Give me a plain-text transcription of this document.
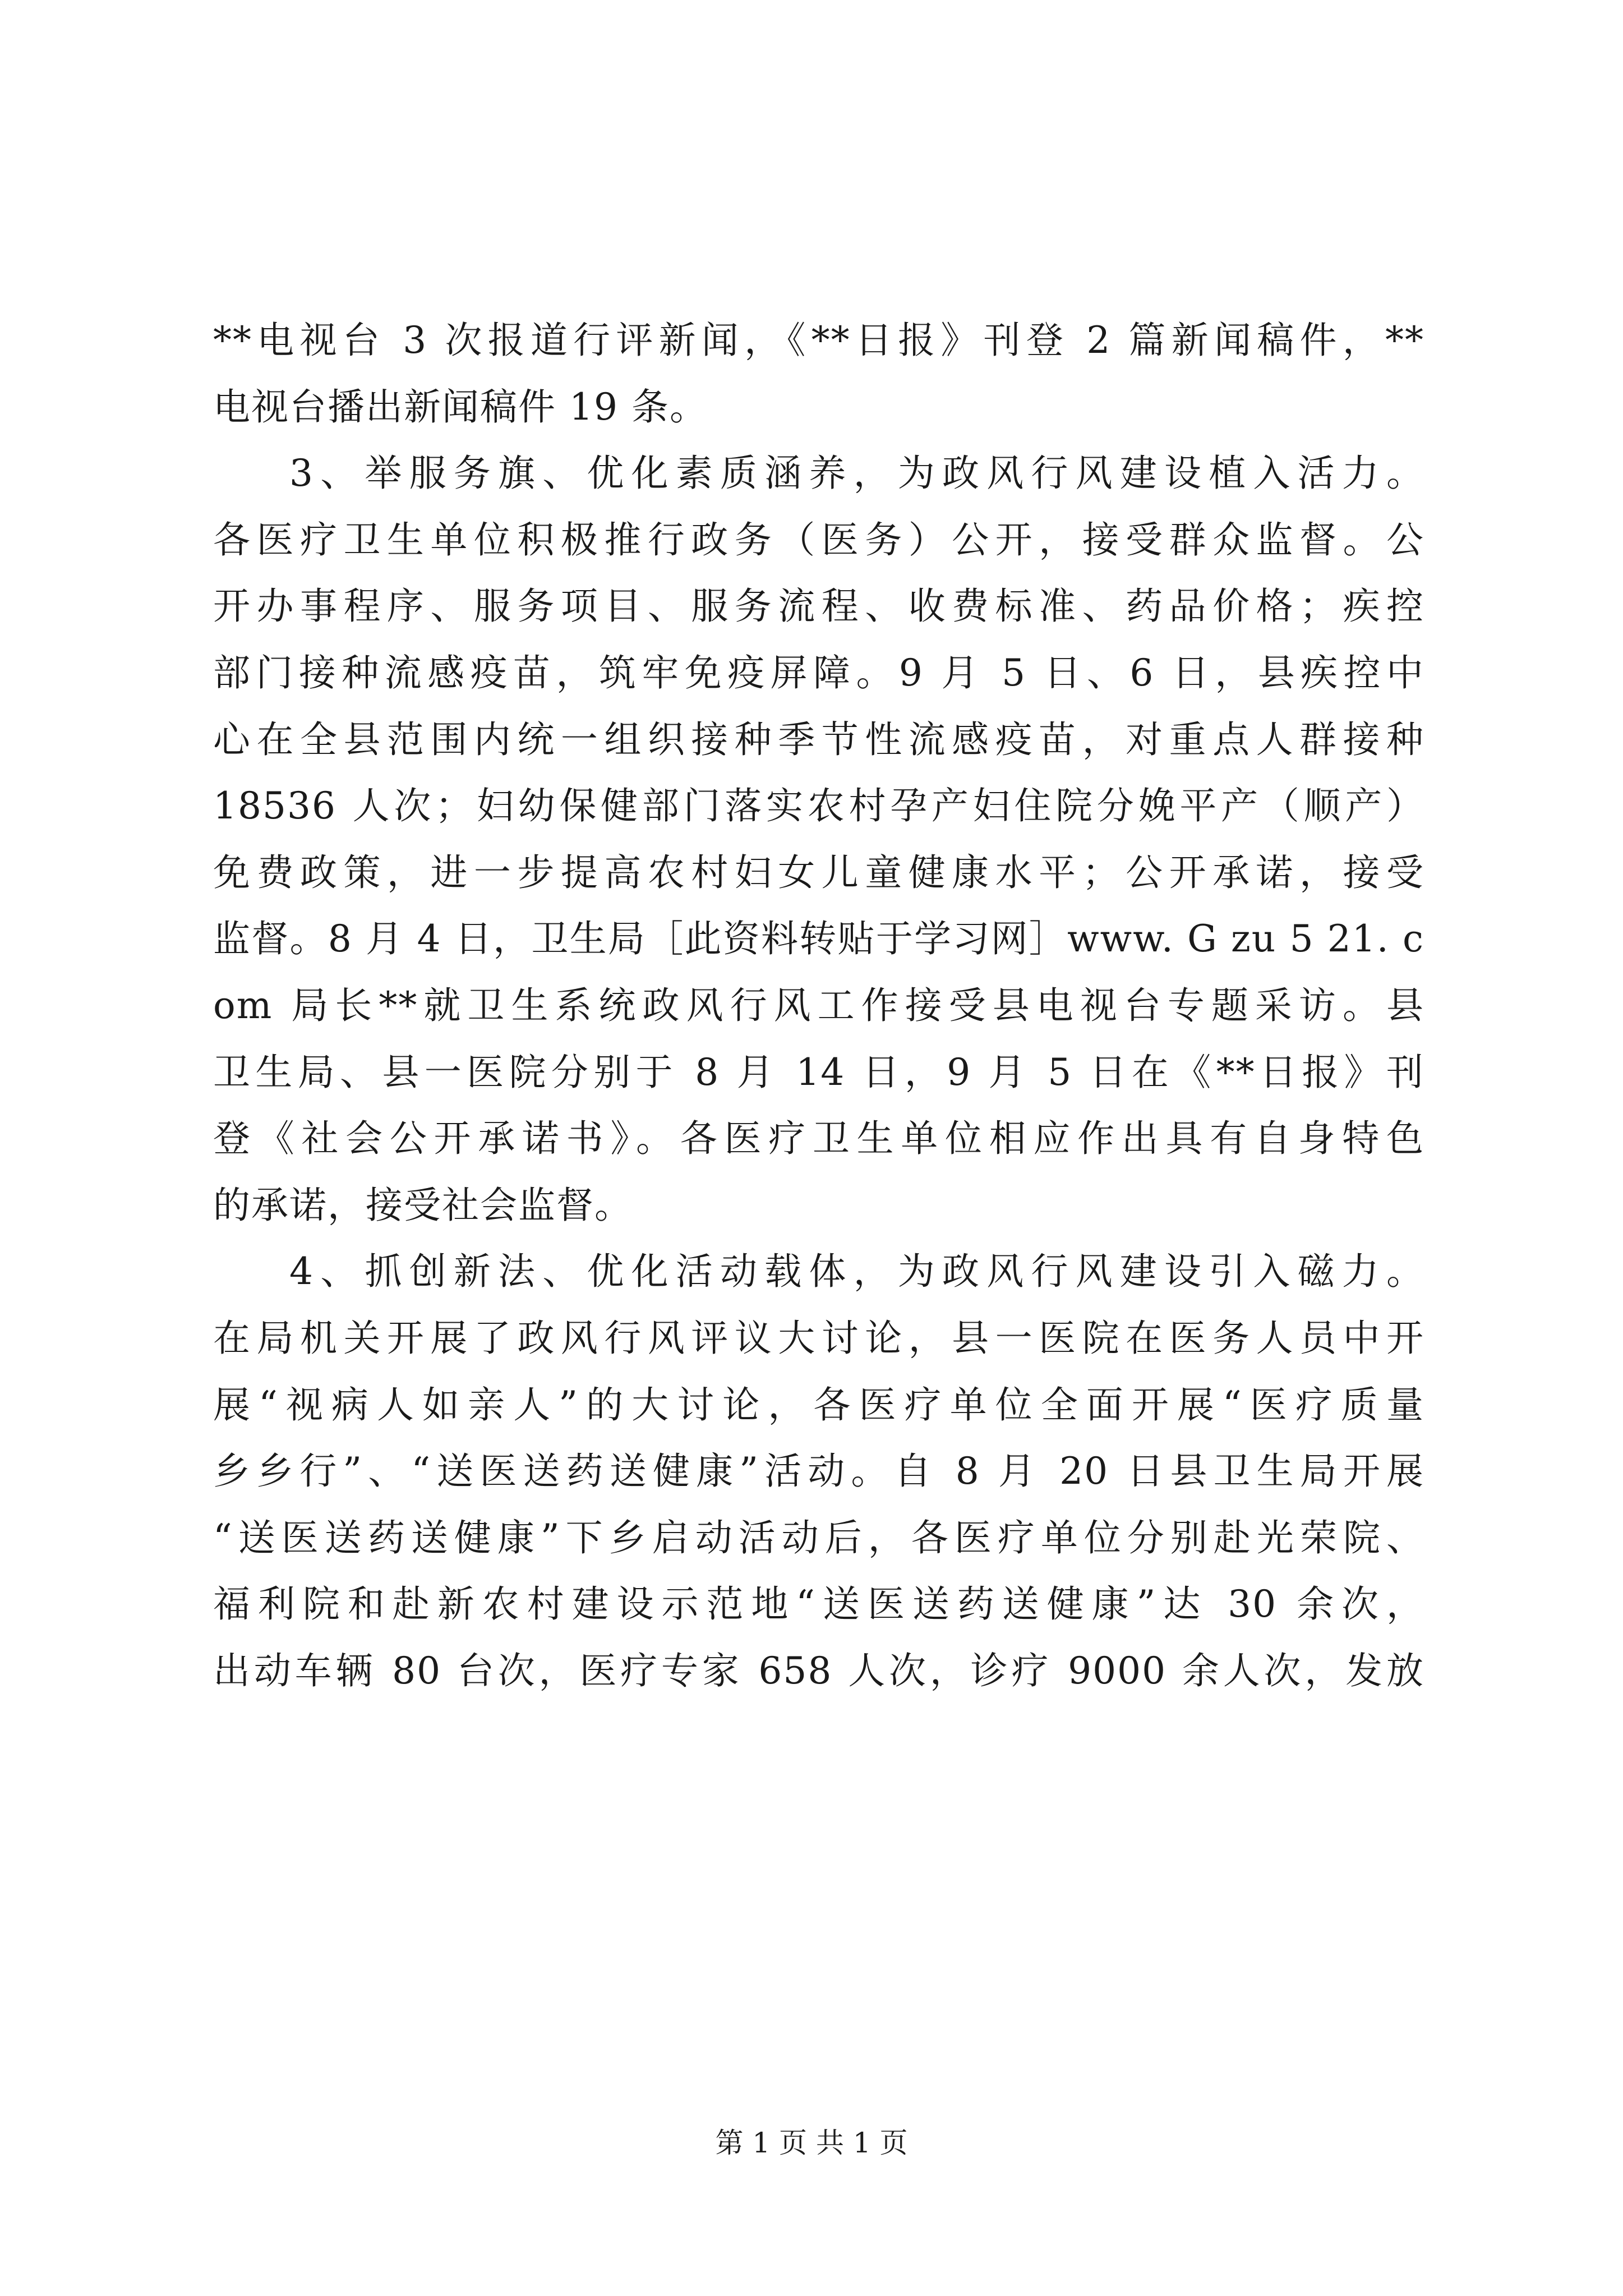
**电视台 3 次报道行评新闻，《**日报》刊登 2 篇新闻稿件，**
电视台播出新闻稿件 19 条。
3、举服务旗、优化素质涵养，为政风行风建设植入活力。
各医疗卫生单位积极推行政务（医务）公开，接受群众监督。公
开办事程序、服务项目、服务流程、收费标准、药品价格；疾控
部门接种流感疫苗，筑牢免疫屏障。9 月 5 日、6 日，县疾控中
心在全县范围内统一组织接种季节性流感疫苗，对重点人群接种
18536 人次；妇幼保健部门落实农村孕产妇住院分娩平产（顺产）
免费政策，进一步提高农村妇女儿童健康水平；公开承诺，接受
监督。8 月 4 日，卫生局［此资料转贴于学习网］www. G zu 5 21. c
om 局长**就卫生系统政风行风工作接受县电视台专题采访。县
卫生局、县一医院分别于 8 月 14 日，9 月 5 日在《**日报》刊
登《社会公开承诺书》。各医疗卫生单位相应作出具有自身特色
的承诺，接受社会监督。
4、抓创新法、优化活动载体，为政风行风建设引入磁力。
在局机关开展了政风行风评议大讨论，县一医院在医务人员中开
展“视病人如亲人”的大讨论，各医疗单位全面开展“医疗质量
乡乡行”、“送医送药送健康”活动。自 8 月 20 日县卫生局开展
“送医送药送健康”下乡启动活动后，各医疗单位分别赴光荣院、
福利院和赴新农村建设示范地“送医送药送健康”达 30 余次，
出动车辆 80 台次，医疗专家 658 人次，诊疗 9000 余人次，发放
第 1 页 共 1 页
